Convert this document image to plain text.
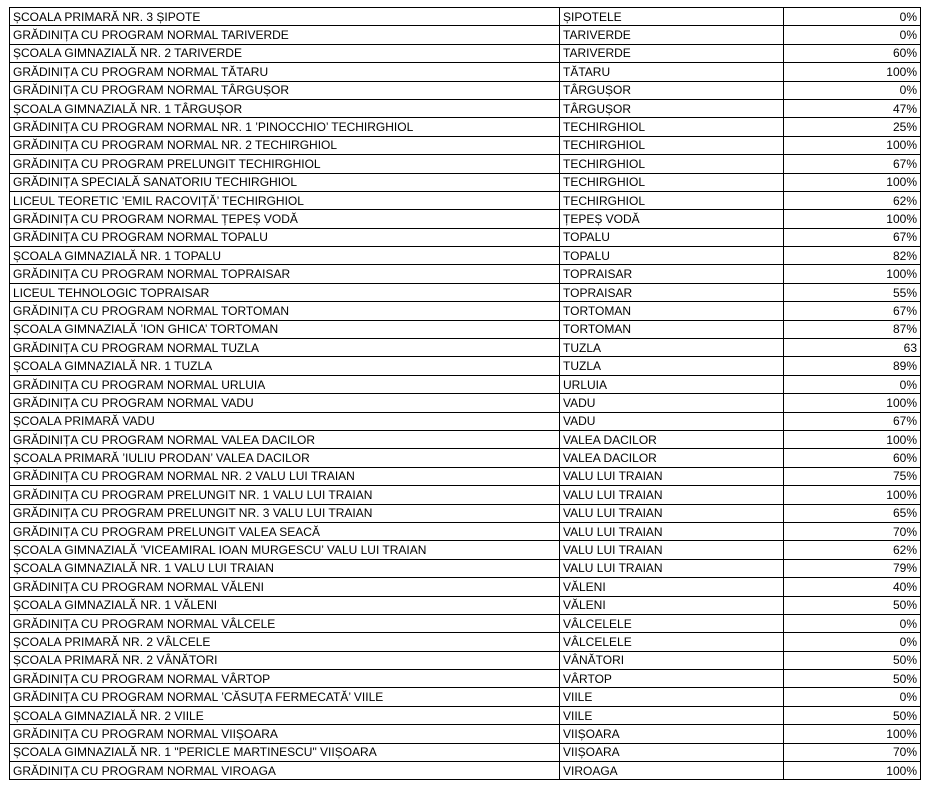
ȘCOALA PRIMARĂ NR. 3 ȘIPOTE	ȘIPOTELE	0%
GRĂDINIȚA CU PROGRAM NORMAL TARIVERDE	TARIVERDE	0%
ȘCOALA GIMNAZIALĂ NR. 2 TARIVERDE	TARIVERDE	60%
GRĂDINIȚA CU PROGRAM NORMAL TĂTARU	TĂTARU	100%
GRĂDINIȚA CU PROGRAM NORMAL TÂRGUȘOR	TÂRGUȘOR	0%
ȘCOALA GIMNAZIALĂ NR. 1 TÂRGUȘOR	TÂRGUȘOR	47%
GRĂDINIȚA CU PROGRAM NORMAL NR. 1 ’PINOCCHIO’ TECHIRGHIOL	TECHIRGHIOL	25%
GRĂDINIȚA CU PROGRAM NORMAL NR. 2 TECHIRGHIOL	TECHIRGHIOL	100%
GRĂDINIȚA CU PROGRAM PRELUNGIT TECHIRGHIOL	TECHIRGHIOL	67%
GRĂDINIȚA SPECIALĂ SANATORIU TECHIRGHIOL	TECHIRGHIOL	100%
LICEUL TEORETIC ’EMIL RACOVIȚĂ’ TECHIRGHIOL	TECHIRGHIOL	62%
GRĂDINIȚA CU PROGRAM NORMAL ȚEPEȘ VODĂ	ȚEPEȘ VODĂ	100%
GRĂDINIȚA CU PROGRAM NORMAL TOPALU	TOPALU	67%
ȘCOALA GIMNAZIALĂ NR. 1 TOPALU	TOPALU	82%
GRĂDINIȚA CU PROGRAM NORMAL TOPRAISAR	TOPRAISAR	100%
LICEUL TEHNOLOGIC TOPRAISAR	TOPRAISAR	55%
GRĂDINIȚA CU PROGRAM NORMAL TORTOMAN	TORTOMAN	67%
ȘCOALA GIMNAZIALĂ ’ION GHICA’ TORTOMAN	TORTOMAN	87%
GRĂDINIȚA CU PROGRAM NORMAL TUZLA	TUZLA	63
ȘCOALA GIMNAZIALĂ NR. 1 TUZLA	TUZLA	89%
GRĂDINIȚA CU PROGRAM NORMAL URLUIA	URLUIA	0%
GRĂDINIȚA CU PROGRAM NORMAL VADU	VADU	100%
ȘCOALA PRIMARĂ VADU	VADU	67%
GRĂDINIȚA CU PROGRAM NORMAL VALEA DACILOR	VALEA DACILOR	100%
ȘCOALA PRIMARĂ ’IULIU PRODAN’ VALEA DACILOR	VALEA DACILOR	60%
GRĂDINIȚA CU PROGRAM NORMAL NR. 2 VALU LUI TRAIAN	VALU LUI TRAIAN	75%
GRĂDINIȚA CU PROGRAM PRELUNGIT NR. 1 VALU LUI TRAIAN	VALU LUI TRAIAN	100%
GRĂDINIȚA CU PROGRAM PRELUNGIT NR. 3 VALU LUI TRAIAN	VALU LUI TRAIAN	65%
GRĂDINIȚA CU PROGRAM PRELUNGIT VALEA SEACĂ	VALU LUI TRAIAN	70%
ȘCOALA GIMNAZIALĂ ’VICEAMIRAL IOAN MURGESCU’ VALU LUI TRAIAN	VALU LUI TRAIAN	62%
ȘCOALA GIMNAZIALĂ NR. 1 VALU LUI TRAIAN	VALU LUI TRAIAN	79%
GRĂDINIȚA CU PROGRAM NORMAL VĂLENI	VĂLENI	40%
ȘCOALA GIMNAZIALĂ NR. 1 VĂLENI	VĂLENI	50%
GRĂDINIȚA CU PROGRAM NORMAL VÂLCELE	VÂLCELELE	0%
ȘCOALA PRIMARĂ NR. 2 VÂLCELE	VÂLCELELE	0%
ȘCOALA PRIMARĂ NR. 2 VÂNĂTORI	VÂNĂTORI	50%
GRĂDINIȚA CU PROGRAM NORMAL VÂRTOP	VÂRTOP	50%
GRĂDINIȚA CU PROGRAM NORMAL ’CĂSUȚA FERMECATĂ’ VIILE	VIILE	0%
ȘCOALA GIMNAZIALĂ NR. 2 VIILE	VIILE	50%
GRĂDINIȚA CU PROGRAM NORMAL VIIȘOARA	VIIȘOARA	100%
ȘCOALA GIMNAZIALĂ NR. 1 "PERICLE MARTINESCU" VIIȘOARA	VIIȘOARA	70%
GRĂDINIȚA CU PROGRAM NORMAL VIROAGA	VIROAGA	100%
